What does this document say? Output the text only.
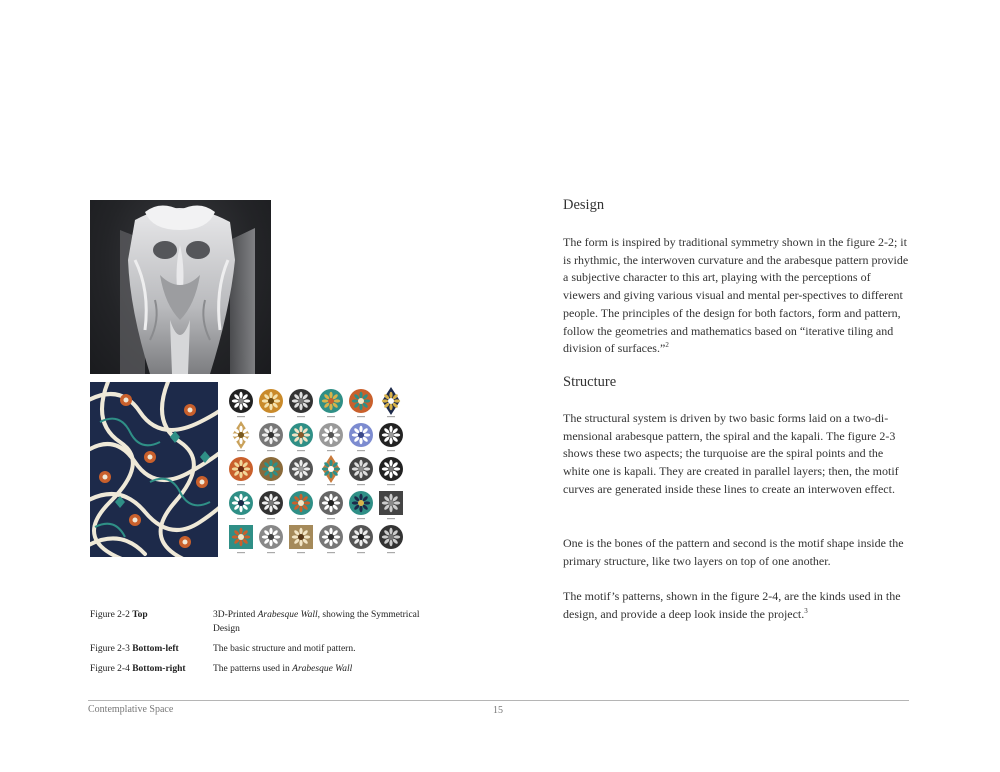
Figure 2-2 Top	3D-Printed Arabesque Wall, showing the Symmetrical Design
Figure 2-3 Bottom-left	The basic structure and motif pattern.
Figure 2-4 Bottom-right	The patterns used in Arabesque Wall
Design
The form is inspired by traditional symmetry shown in the figure 2-2; it is rhythmic, the interwoven curvature and the arabesque pattern provide a subjective character to this art, playing with the perceptions of viewers and giving various visual and mental per-spectives to different people. The principles of the design for both factors, form and pattern, follow the geometries and mathematics based on “iterative tiling and division of surfaces.”$^2$
Structure
The structural system is driven by two basic forms laid on a two-di-mensional arabesque pattern, the spiral and the kapali. The figure 2-3 shows these two aspects; the turquoise are the spiral points and the white one is kapali. They are created in parallel layers; then, the motif curves are generated inside these lines to create an interwoven effect.
One is the bones of the pattern and second is the motif shape inside the primary structure, like two layers on top of one another.
The motif’s patterns, shown in the figure 2-4, are the kinds used in the design, and provide a deep look inside the project.$^3$
Contemplative Space	15
